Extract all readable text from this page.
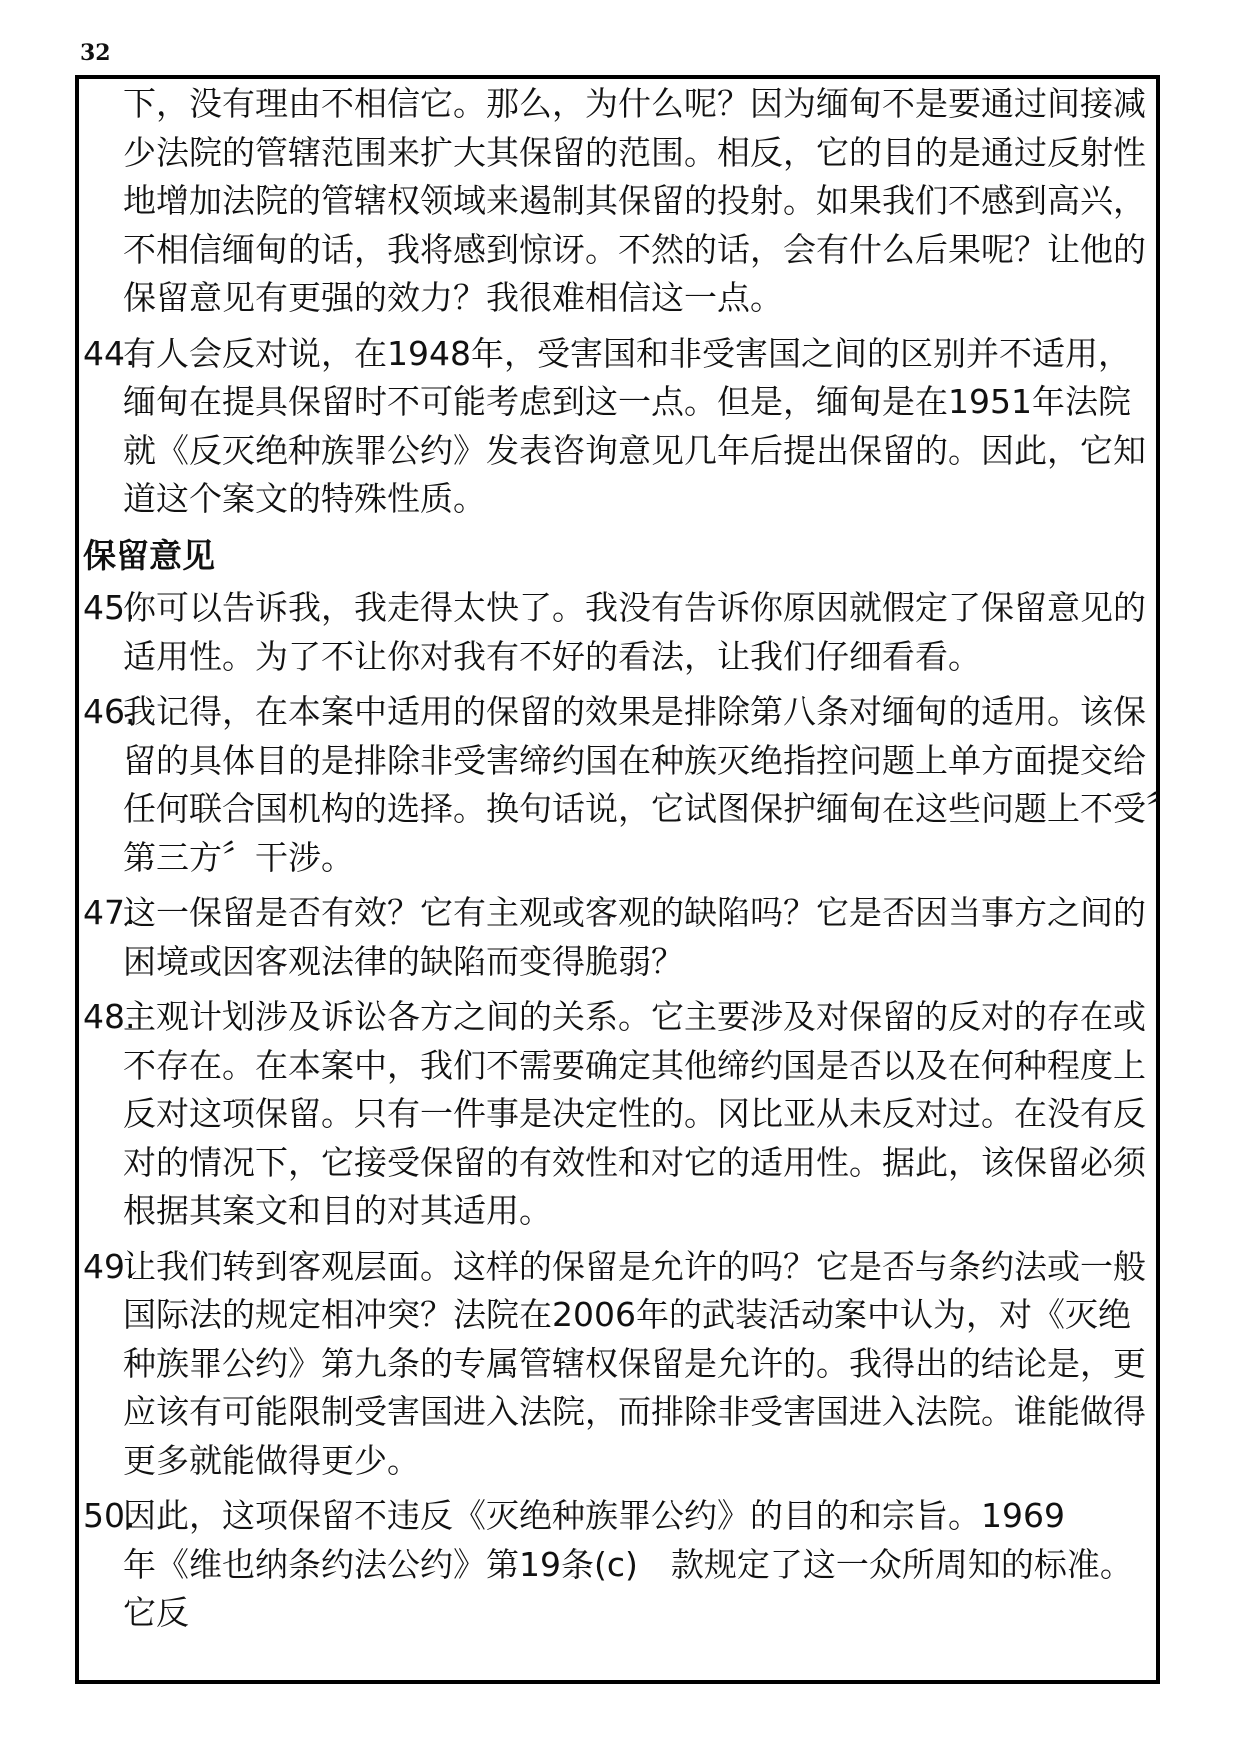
32

下，没有理由不相信它。那么，为什么呢？因为缅甸不是要通过间接减少法院的管辖范围来扩大其保留的范围。相反，它的目的是通过反射性地增加法院的管辖权领域来遏制其保留的投射。如果我们不感到高兴，不相信缅甸的话，我将感到惊讶。不然的话，会有什么后果呢？让他的保留意见有更强的效力？我很难相信这一点。

44.
有人会反对说，在1948年，受害国和非受害国之间的区别并不适用，缅甸在提具保留时不可能考虑到这一点。但是，缅甸是在1951年法院就《反灭绝种族罪公约》发表咨询意见几年后提出保留的。因此，它知道这个案文的特殊性质。
保留意见
45.
你可以告诉我，我走得太快了。我没有告诉你原因就假定了保留意见的适用性。为了不让你对我有不好的看法，让我们仔细看看。
46.
我记得，在本案中适用的保留的效果是排除第八条对缅甸的适用。该保留的具体目的是排除非受害缔约国在种族灭绝指控问题上单方面提交给任何联合国机构的选择。换句话说，它试图保护缅甸在这些问题上不受〞第三方〞干涉。
47.
这一保留是否有效？它有主观或客观的缺陷吗？它是否因当事方之间的困境或因客观法律的缺陷而变得脆弱？
48.
主观计划涉及诉讼各方之间的关系。它主要涉及对保留的反对的存在或不存在。在本案中，我们不需要确定其他缔约国是否以及在何种程度上反对这项保留。只有一件事是决定性的。冈比亚从未反对过。在没有反对的情况下，它接受保留的有效性和对它的适用性。据此，该保留必须根据其案文和目的对其适用。
49.
让我们转到客观层面。这样的保留是允许的吗？它是否与条约法或一般国际法的规定相冲突？法院在2006年的武装活动案中认为，对《灭绝种族罪公约》第九条的专属管辖权保留是允许的。我得出的结论是，更应该有可能限制受害国进入法院，而排除非受害国进入法院。谁能做得更多就能做得更少。
50.
因此，这项保留不违反《灭绝种族罪公约》的目的和宗旨。1969　　年《维也纳条约法公约》第19条(c)　款规定了这一众所周知的标准。它反
